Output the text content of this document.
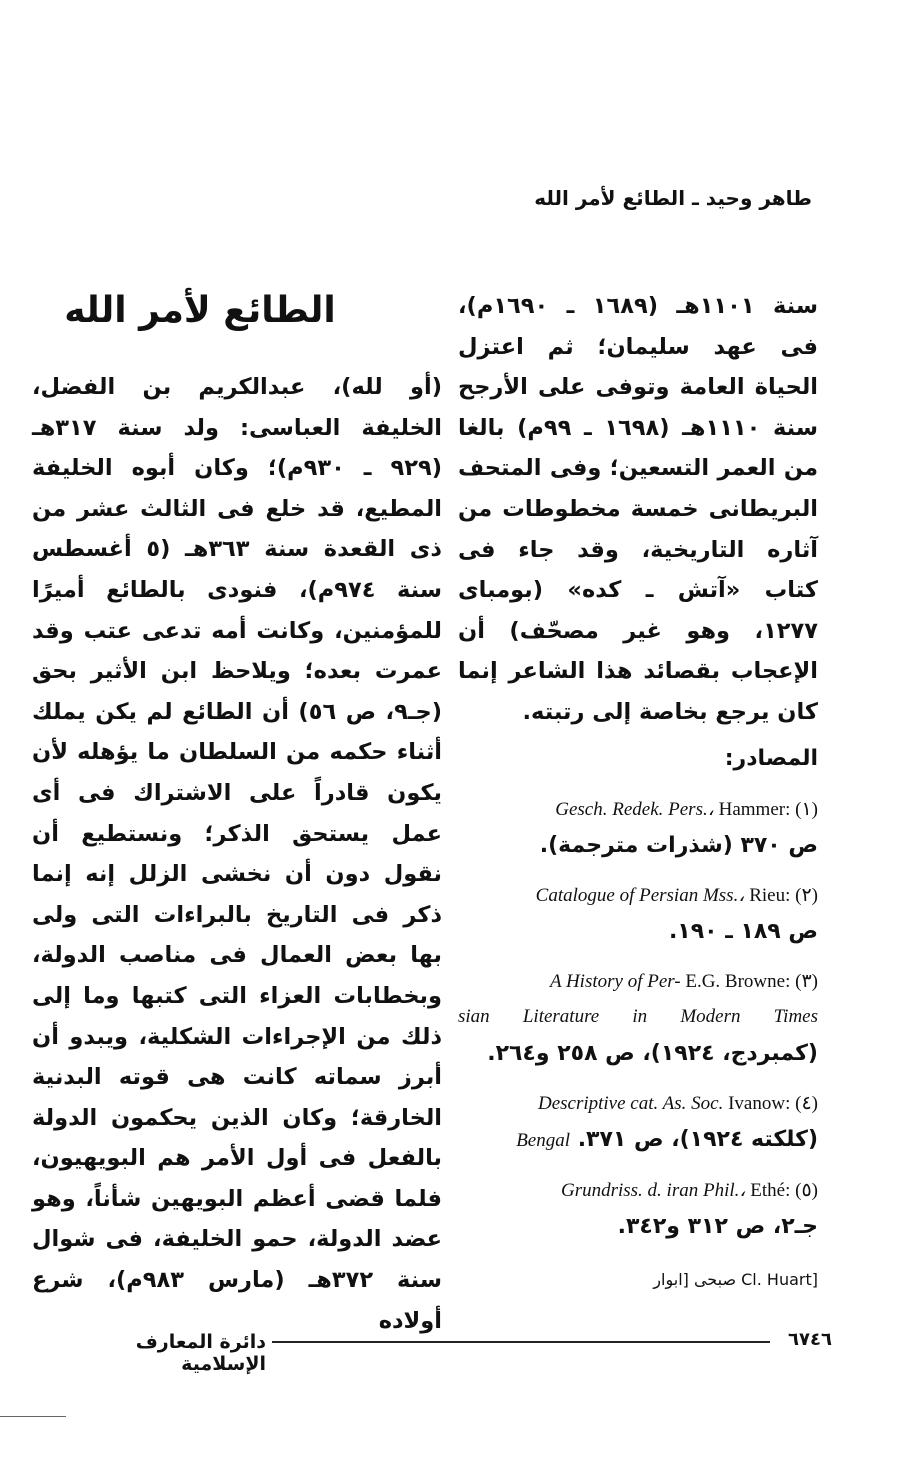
طاهر وحيد ـ الطائع لأمر الله

سنة ١١٠١هـ (١٦٨٩ ـ ١٦٩٠م)، فى عهد سليمان؛ ثم اعتزل الحياة العامة وتوفى على الأرجح سنة ١١١٠هـ (١٦٩٨ ـ ٩٩م) بالغا من العمر التسعين؛ وفى المتحف البريطانى خمسة مخطوطات من آثاره التاريخية، وقد جاء فى كتاب «آتش ـ كده» (بومباى ١٢٧٧، وهو غير مصحّف) أن الإعجاب بقصائد هذا الشاعر إنما كان يرجع بخاصة إلى رتبته.

المصادر:
Gesch. Redek. Pers.، Hammer: (١)
ص ٣٧٠ (شذرات مترجمة).
Catalogue of Persian Mss.، Rieu: (٢)
ص ١٨٩ ـ ١٩٠.
A History of Per- E.G. Browne: (٣)
sian Literature in Modern Times
(كمبردج، ١٩٢٤)، ص ٢٥٨ و٢٦٤.
Descriptive cat. As. Soc. Ivanow: (٤)
(كلكته ١٩٢٤)، ص ٣٧١. Bengal
Grundriss. d. iran Phil.، Ethé: (٥)
جـ٢، ص ٣١٢ و٣٤٢.
[Cl. Huart صبحى [ابوار
الطائع لأمر الله

(أو لله)، عبدالكريم بن الفضل، الخليفة العباسى: ولد سنة ٣١٧هـ (٩٢٩ ـ ٩٣٠م)؛ وكان أبوه الخليفة المطيع، قد خلع فى الثالث عشر من ذى القعدة سنة ٣٦٣هـ (٥ أغسطس سنة ٩٧٤م)، فنودى بالطائع أميرًا للمؤمنين، وكانت أمه تدعى عتب وقد عمرت بعده؛ ويلاحظ ابن الأثير بحق (جـ٩، ص ٥٦) أن الطائع لم يكن يملك أثناء حكمه من السلطان ما يؤهله لأن يكون قادراً على الاشتراك فى أى عمل يستحق الذكر؛ ونستطيع أن نقول دون أن نخشى الزلل إنه إنما ذكر فى التاريخ بالبراءات التى ولى بها بعض العمال فى مناصب الدولة، وبخطابات العزاء التى كتبها وما إلى ذلك من الإجراءات الشكلية، ويبدو أن أبرز سماته كانت هى قوته البدنية الخارقة؛ وكان الذين يحكمون الدولة بالفعل فى أول الأمر هم البويهيون، فلما قضى أعظم البويهين شأناً، وهو عضد الدولة، حمو الخليفة، فى شوال سنة ٣٧٢هـ (مارس ٩٨٣م)، شرع أولاده

٦٧٤٦
دائرة المعارف الإسلامية
